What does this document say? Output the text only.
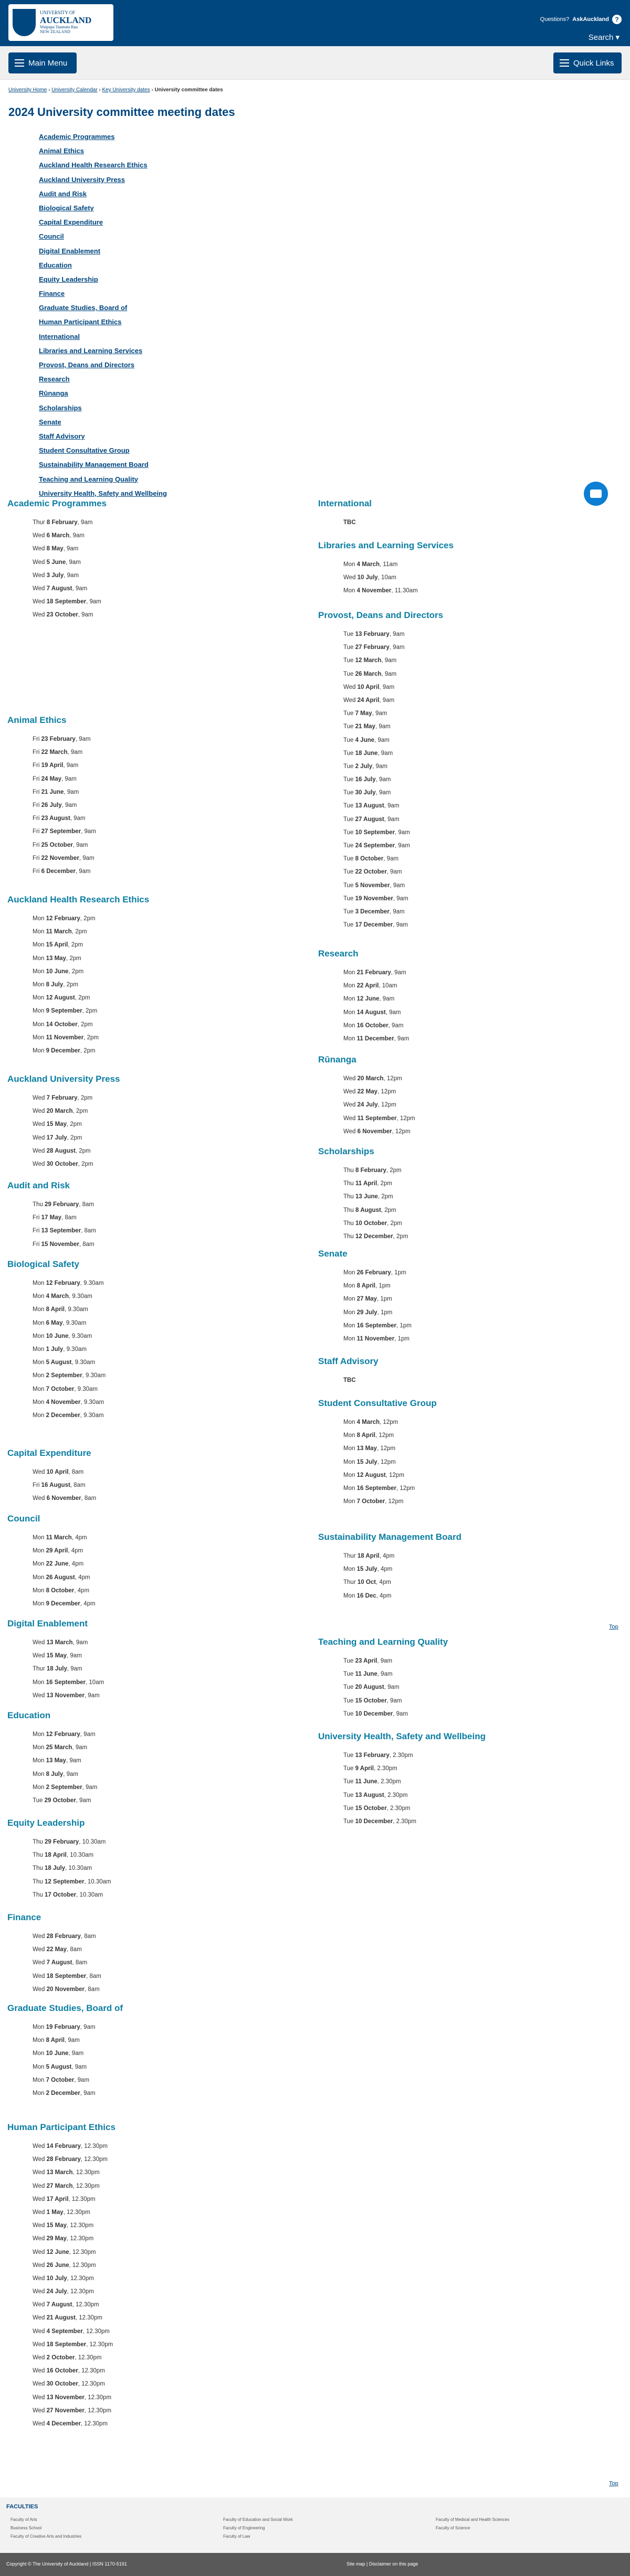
UNIVERSITY OF
AUCKLAND
Waipapa Taumata Rau
NEW ZEALAND
Questions? AskAuckland ?
Search ▾
Main Menu	Quick Links
University Home › University Calendar › Key University dates › University committee dates
2024 University committee meeting dates
Academic Programmes
Animal Ethics
Auckland Health Research Ethics
Auckland University Press
Audit and Risk
Biological Safety
Capital Expenditure
Council
Digital Enablement
Education
Equity Leadership
Finance
Graduate Studies, Board of
Human Participant Ethics
International
Libraries and Learning Services
Provost, Deans and Directors
Research
Rūnanga
Scholarships
Senate
Staff Advisory
Student Consultative Group
Sustainability Management Board
Teaching and Learning Quality
University Health, Safety and Wellbeing
Academic Programmes
Thur 8 February, 9am
Wed 6 March, 9am
Wed 8 May, 9am
Wed 5 June, 9am
Wed 3 July, 9am
Wed 7 August, 9am
Wed 18 September, 9am
Wed 23 October, 9am
Animal Ethics
Fri 23 February, 9am
Fri 22 March, 9am
Fri 19 April, 9am
Fri 24 May, 9am
Fri 21 June, 9am
Fri 26 July, 9am
Fri 23 August, 9am
Fri 27 September, 9am
Fri 25 October, 9am
Fri 22 November, 9am
Fri 6 December, 9am
Auckland Health Research Ethics
Mon 12 February, 2pm
Mon 11 March, 2pm
Mon 15 April, 2pm
Mon 13 May, 2pm
Mon 10 June, 2pm
Mon 8 July, 2pm
Mon 12 August, 2pm
Mon 9 September, 2pm
Mon 14 October, 2pm
Mon 11 November, 2pm
Mon 9 December, 2pm
Auckland University Press
Wed 7 February, 2pm
Wed 20 March, 2pm
Wed 15 May, 2pm
Wed 17 July, 2pm
Wed 28 August, 2pm
Wed 30 October, 2pm
Audit and Risk
Thu 29 February, 8am
Fri 17 May, 8am
Fri 13 September, 8am
Fri 15 November, 8am
Biological Safety
Mon 12 February, 9.30am
Mon 4 March, 9.30am
Mon 8 April, 9.30am
Mon 6 May, 9.30am
Mon 10 June, 9.30am
Mon 1 July, 9.30am
Mon 5 August, 9.30am
Mon 2 September, 9.30am
Mon 7 October, 9.30am
Mon 4 November, 9.30am
Mon 2 December, 9.30am
Capital Expenditure
Wed 10 April, 8am
Fri 16 August, 8am
Wed 6 November, 8am
Council
Mon 11 March, 4pm
Mon 29 April, 4pm
Mon 22 June, 4pm
Mon 26 August, 4pm
Mon 8 October, 4pm
Mon 9 December, 4pm
Digital Enablement
Wed 13 March, 9am
Wed 15 May, 9am
Thur 18 July, 9am
Mon 16 September, 10am
Wed 13 November, 9am
Education
Mon 12 February, 9am
Mon 25 March, 9am
Mon 13 May, 9am
Mon 8 July, 9am
Mon 2 September, 9am
Tue 29 October, 9am
Equity Leadership
Thu 29 February, 10.30am
Thu 18 April, 10.30am
Thu 18 July, 10.30am
Thu 12 September, 10.30am
Thu 17 October, 10.30am
Finance
Wed 28 February, 8am
Wed 22 May, 8am
Wed 7 August, 8am
Wed 18 September, 8am
Wed 20 November, 8am
Graduate Studies, Board of
Mon 19 February, 9am
Mon 8 April, 9am
Mon 10 June, 9am
Mon 5 August, 9am
Mon 7 October, 9am
Mon 2 December, 9am
Human Participant Ethics
Wed 14 February, 12.30pm
Wed 28 February, 12.30pm
Wed 13 March, 12.30pm
Wed 27 March, 12.30pm
Wed 17 April, 12.30pm
Wed 1 May, 12.30pm
Wed 15 May, 12.30pm
Wed 29 May, 12.30pm
Wed 12 June, 12.30pm
Wed 26 June, 12.30pm
Wed 10 July, 12.30pm
Wed 24 July, 12.30pm
Wed 7 August, 12.30pm
Wed 21 August, 12.30pm
Wed 4 September, 12.30pm
Wed 18 September, 12.30pm
Wed 2 October, 12.30pm
Wed 16 October, 12.30pm
Wed 30 October, 12.30pm
Wed 13 November, 12.30pm
Wed 27 November, 12.30pm
Wed 4 December, 12.30pm
International
TBC
Libraries and Learning Services
Mon 4 March, 11am
Wed 10 July, 10am
Mon 4 November, 11.30am
Provost, Deans and Directors
Tue 13 February, 9am
Tue 27 February, 9am
Tue 12 March, 9am
Tue 26 March, 9am
Wed 10 April, 9am
Wed 24 April, 9am
Tue 7 May, 9am
Tue 21 May, 9am
Tue 4 June, 9am
Tue 18 June, 9am
Tue 2 July, 9am
Tue 16 July, 9am
Tue 30 July, 9am
Tue 13 August, 9am
Tue 27 August, 9am
Tue 10 September, 9am
Tue 24 September, 9am
Tue 8 October, 9am
Tue 22 October, 9am
Tue 5 November, 9am
Tue 19 November, 9am
Tue 3 December, 9am
Tue 17 December, 9am
Research
Mon 21 February, 9am
Mon 22 April, 10am
Mon 12 June, 9am
Mon 14 August, 9am
Mon 16 October, 9am
Mon 11 December, 9am
Rūnanga
Wed 20 March, 12pm
Wed 22 May, 12pm
Wed 24 July, 12pm
Wed 11 September, 12pm
Wed 6 November, 12pm
Scholarships
Thu 8 February, 2pm
Thu 11 April, 2pm
Thu 13 June, 2pm
Thu 8 August, 2pm
Thu 10 October, 2pm
Thu 12 December, 2pm
Senate
Mon 26 February, 1pm
Mon 8 April, 1pm
Mon 27 May, 1pm
Mon 29 July, 1pm
Mon 16 September, 1pm
Mon 11 November, 1pm
Staff Advisory
TBC
Student Consultative Group
Mon 4 March, 12pm
Mon 8 April, 12pm
Mon 13 May, 12pm
Mon 15 July, 12pm
Mon 12 August, 12pm
Mon 16 September, 12pm
Mon 7 October, 12pm
Sustainability Management Board
Thur 18 April, 4pm
Mon 15 July, 4pm
Thur 10 Oct, 4pm
Mon 16 Dec, 4pm
Teaching and Learning Quality
Tue 23 April, 9am
Tue 11 June, 9am
Tue 20 August, 9am
Tue 15 October, 9am
Tue 10 December, 9am
University Health, Safety and Wellbeing
Tue 13 February, 2.30pm
Tue 9 April, 2.30pm
Tue 11 June, 2.30pm
Tue 13 August, 2.30pm
Tue 15 October, 2.30pm
Tue 10 December, 2.30pm
Top
Top
FACULTIES
Faculty of Arts
Business School
Faculty of Creative Arts and Industries
Faculty of Education and Social Work
Faculty of Engineering
Faculty of Law
Faculty of Medical and Health Sciences
Faculty of Science
Copyright © The University of Auckland | ISSN 1170-5191	Site map | Disclaimer on this page
